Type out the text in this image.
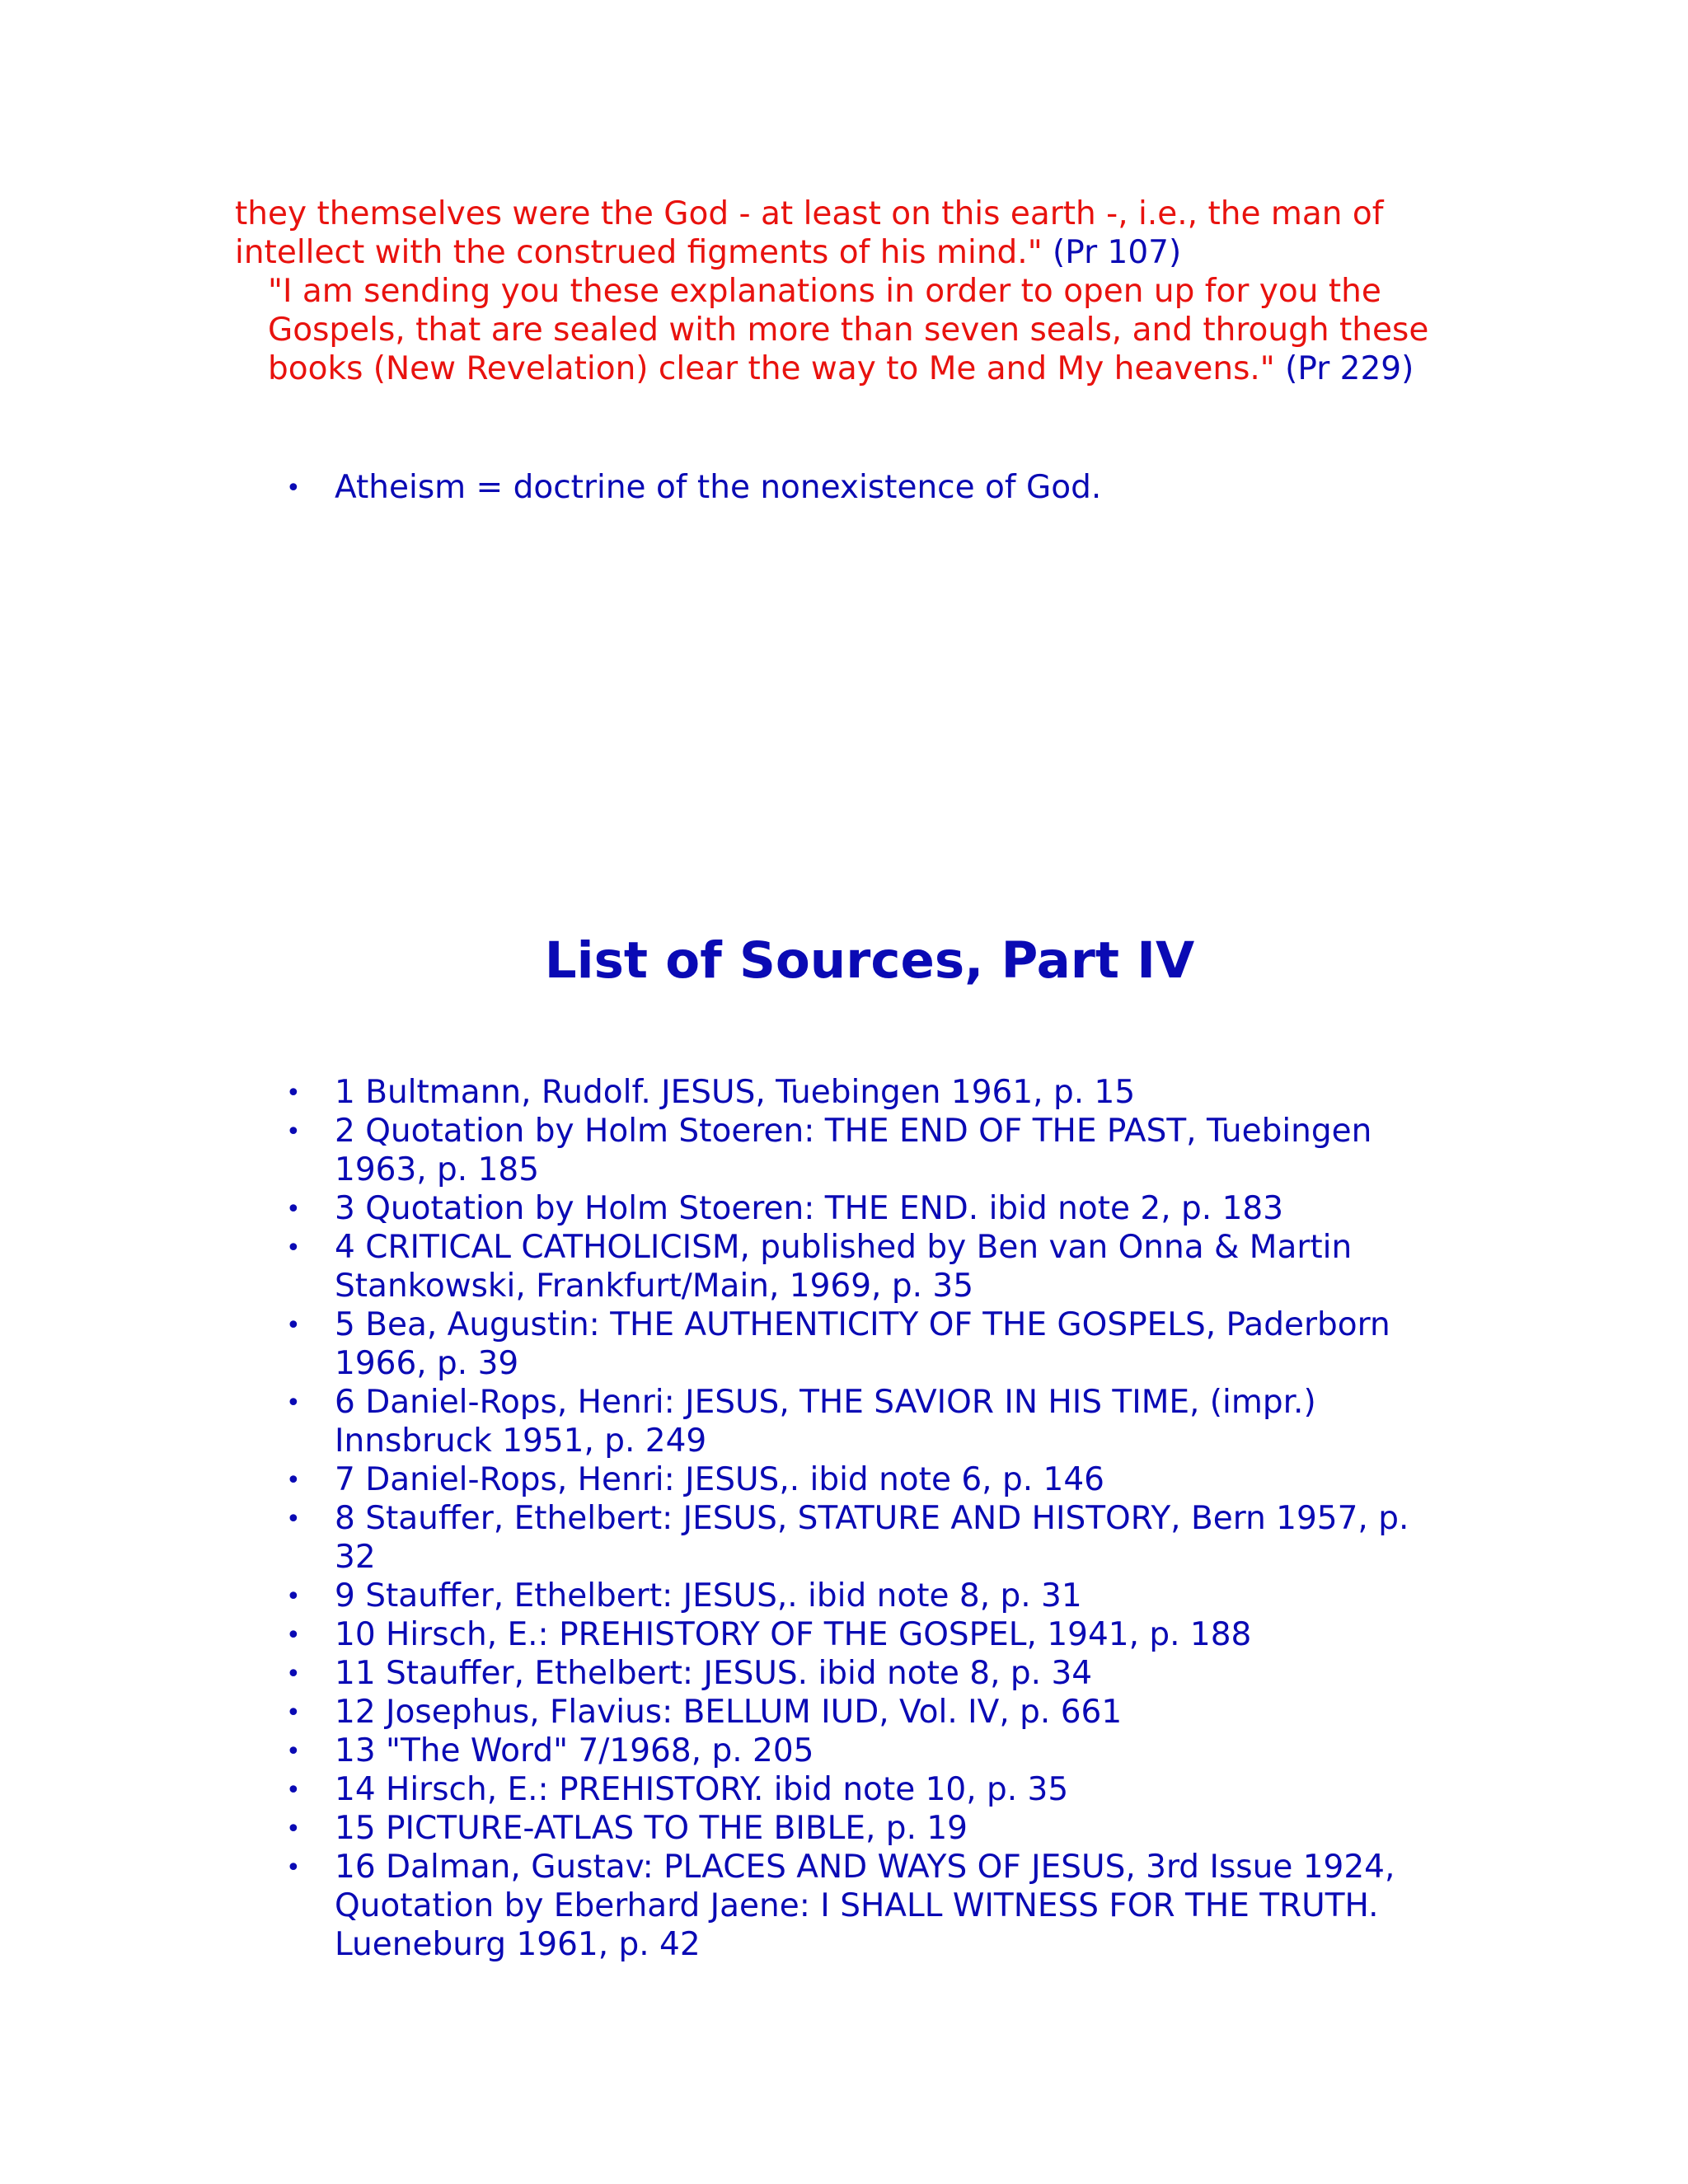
they themselves were the God - at least on this earth -, i.e., the man of intellect with the construed figments of his mind." (Pr 107)

"I am sending you these explanations in order to open up for you the Gospels, that are sealed with more than seven seals, and through these books (New Revelation) clear the way to Me and My heavens." (Pr 229)

• Atheism = doctrine of the nonexistence of God.
List of Sources, Part IV
• 1 Bultmann, Rudolf. JESUS, Tuebingen 1961, p. 15
• 2 Quotation by Holm Stoeren: THE END OF THE PAST, Tuebingen 1963, p. 185
• 3 Quotation by Holm Stoeren: THE END. ibid note 2, p. 183
• 4 CRITICAL CATHOLICISM, published by Ben van Onna & Martin Stankowski, Frankfurt/Main, 1969, p. 35
• 5 Bea, Augustin: THE AUTHENTICITY OF THE GOSPELS, Paderborn 1966, p. 39
• 6 Daniel-Rops, Henri: JESUS, THE SAVIOR IN HIS TIME, (impr.) Innsbruck 1951, p. 249
• 7 Daniel-Rops, Henri: JESUS,. ibid note 6, p. 146
• 8 Stauffer, Ethelbert: JESUS, STATURE AND HISTORY, Bern 1957, p. 32
• 9 Stauffer, Ethelbert: JESUS,. ibid note 8, p. 31
• 10 Hirsch, E.: PREHISTORY OF THE GOSPEL, 1941, p. 188
• 11 Stauffer, Ethelbert: JESUS. ibid note 8, p. 34
• 12 Josephus, Flavius: BELLUM IUD, Vol. IV, p. 661
• 13 "The Word" 7/1968, p. 205
• 14 Hirsch, E.: PREHISTORY. ibid note 10, p. 35
• 15 PICTURE-ATLAS TO THE BIBLE, p. 19
• 16 Dalman, Gustav: PLACES AND WAYS OF JESUS, 3rd Issue 1924, Quotation by Eberhard Jaene: I SHALL WITNESS FOR THE TRUTH. Lueneburg 1961, p. 42
